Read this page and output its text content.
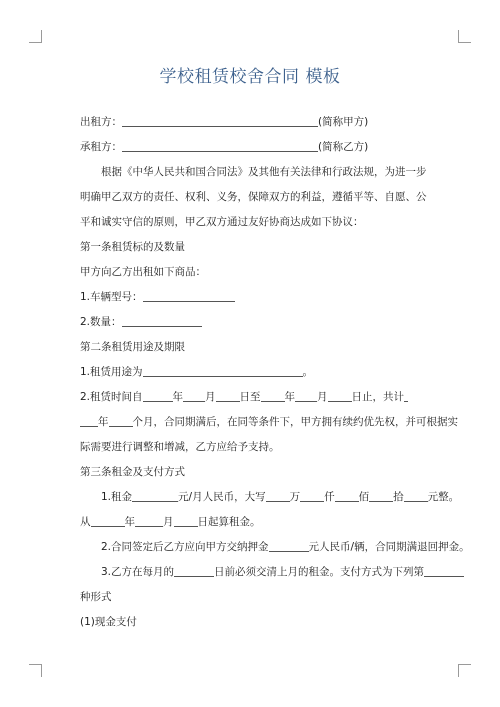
学校租赁校舍合同 模板
出租方：	(简称甲方)
承租方：	(简称乙方)
根据《中华人民共和国合同法》及其他有关法律和行政法规，为进一步明确甲乙双方的责任、权利、义务，保障双方的利益，遵循平等、自愿、公平和诚实守信的原则，甲乙双方通过友好协商达成如下协议：
第一条租赁标的及数量
甲方向乙方出租如下商品：
1.车辆型号：
2.数量：
第二条租赁用途及期限
1.租赁用途为	。
2.租赁时间自	年 月 日至 年 月 日止，共计
年 个月，合同期满后，在同等条件下，甲方拥有续约优先权，并可根据实
际需要进行调整和增减，乙方应给予支持。
第三条租金及支付方式
1.租金	元/月人民币，大写 万 仟 佰 拾 元整。
从	年	月 日起算租金。
2.合同签定后乙方应向甲方交纳押金	元人民币/辆，合同期满退回押金。
3.乙方在每月的	日前必须交清上月的租金。支付方式为下列第
种形式
(1)现金支付
